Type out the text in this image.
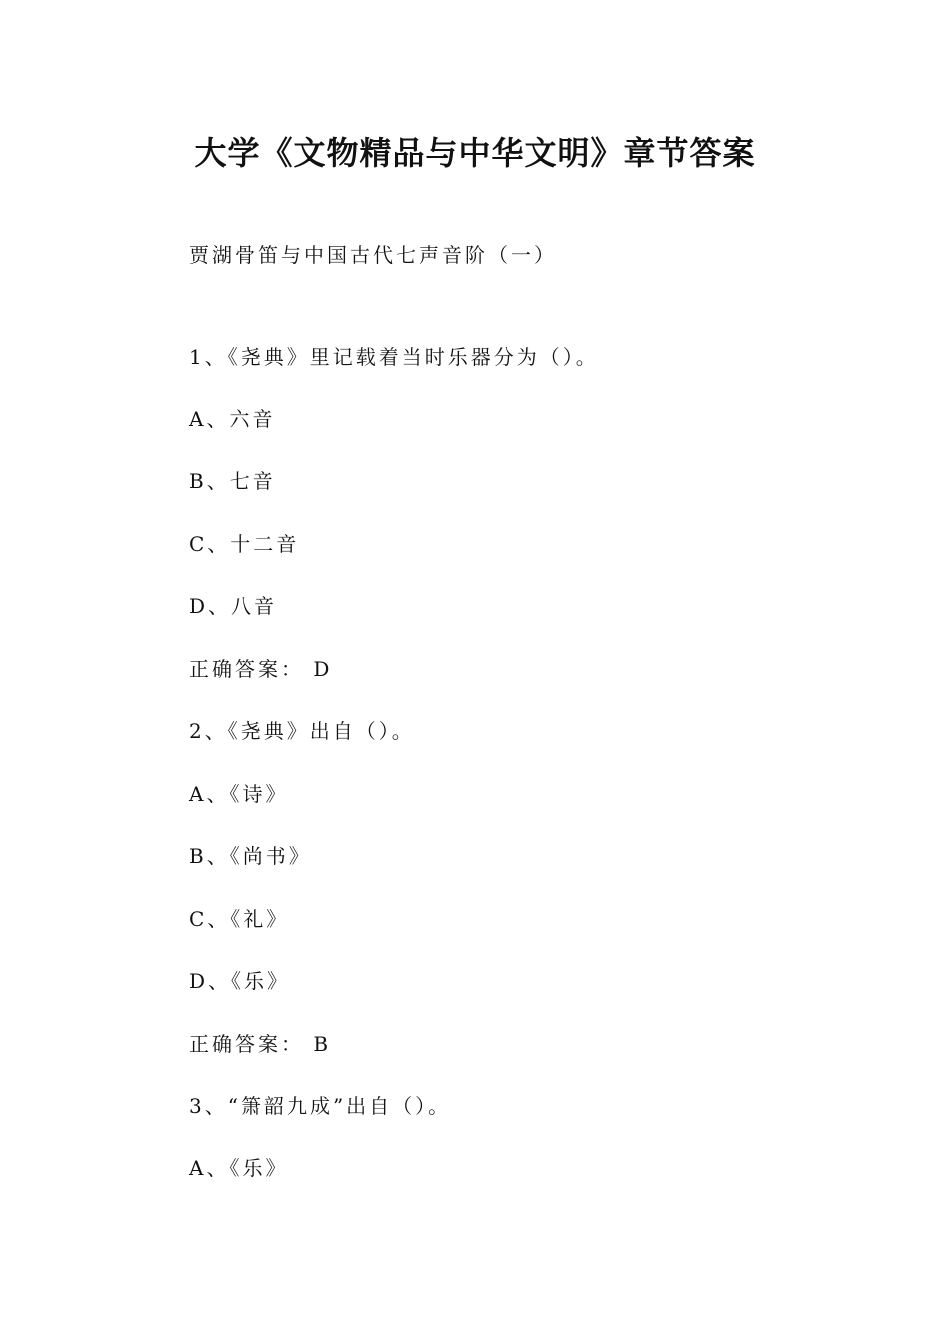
大学《文物精品与中华文明》章节答案
贾湖骨笛与中国古代七声音阶（一）
1、《尧典》里记载着当时乐器分为（）。
A、六音
B、七音
C、十二音
D、八音
正确答案： D
2、《尧典》出自（）。
A、《诗》
B、《尚书》
C、《礼》
D、《乐》
正确答案： B
3、“箫韶九成”出自（）。
A、《乐》
